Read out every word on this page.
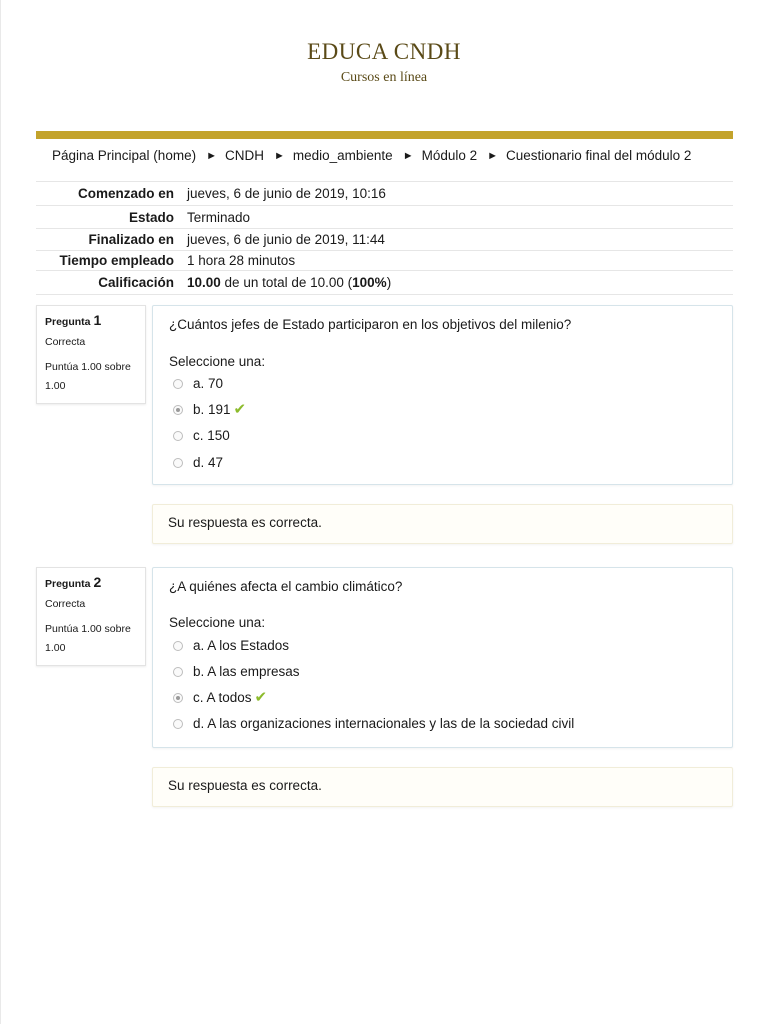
EDUCA CNDH
Cursos en línea
Página Principal (home) ► CNDH ► medio_ambiente ► Módulo 2 ► Cuestionario final del módulo 2
Comenzado en jueves, 6 de junio de 2019, 10:16
Estado Terminado
Finalizado en jueves, 6 de junio de 2019, 11:44
Tiempo empleado 1 hora 28 minutos
Calificación 10.00 de un total de 10.00 (100%)
Pregunta 1
Correcta
Puntúa 1.00 sobre 1.00
¿Cuántos jefes de Estado participaron en los objetivos del milenio?
Seleccione una:
a. 70
b. 191 ✔
c. 150
d. 47
Su respuesta es correcta.
Pregunta 2
Correcta
Puntúa 1.00 sobre 1.00
¿A quiénes afecta el cambio climático?
Seleccione una:
a. A los Estados
b. A las empresas
c. A todos ✔
d. A las organizaciones internacionales y las de la sociedad civil
Su respuesta es correcta.
